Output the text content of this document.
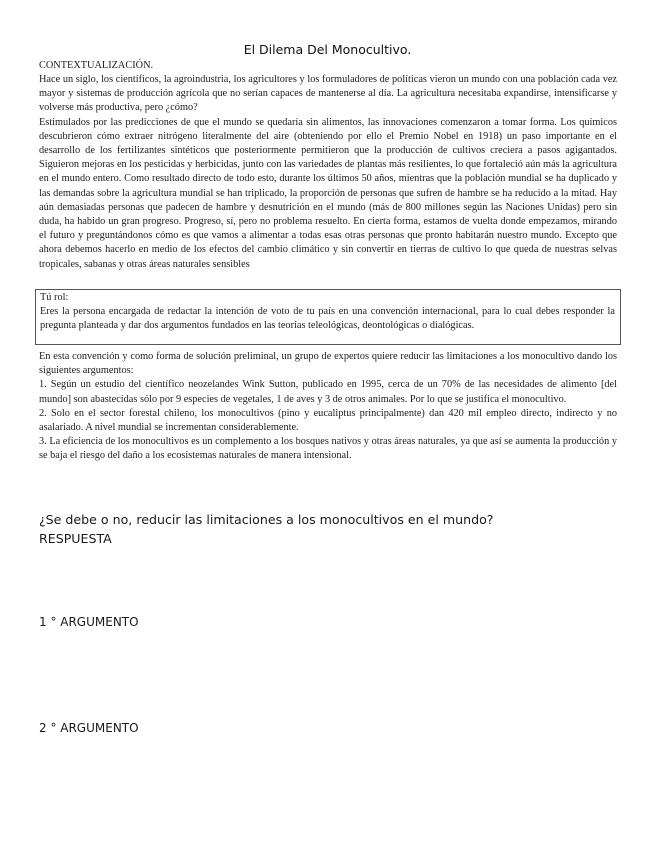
El Dilema Del Monocultivo.
CONTEXTUALIZACIÓN.

Hace un siglo, los científicos, la agroindustria, los agricultores y los formuladores de políticas vieron un mundo con una población cada vez mayor y sistemas de producción agrícola que no serían capaces de mantenerse al día. La agricultura necesitaba expandirse, intensificarse y volverse más productiva, pero ¿cómo?

Estimulados por las predicciones de que el mundo se quedaría sin alimentos, las innovaciones comenzaron a tomar forma. Los químicos descubrieron cómo extraer nitrógeno literalmente del aire (obteniendo por ello el Premio Nobel en 1918) un paso importante en el desarrollo de los fertilizantes sintéticos que posteriormente permitieron que la producción de cultivos creciera a pasos agigantados. Siguieron mejoras en los pesticidas y herbicidas, junto con las variedades de plantas más resilientes, lo que fortaleció aún más la agricultura en el mundo entero. Como resultado directo de todo esto, durante los últimos 50 años, mientras que la población mundial se ha duplicado y las demandas sobre la agricultura mundial se han triplicado, la proporción de personas que sufren de hambre se ha reducido a la mitad. Hay aún demasiadas personas que padecen de hambre y desnutrición en el mundo (más de 800 millones según las Naciones Unidas) pero sin duda, ha habido un gran progreso. Progreso, sí, pero no problema resuelto. En cierta forma, estamos de vuelta donde empezamos, mirando el futuro y preguntándonos cómo es que vamos a alimentar a todas esas otras personas que pronto habitarán nuestro mundo. Excepto que ahora debemos hacerlo en medio de los efectos del cambio climático y sin convertir en tierras de cultivo lo que queda de nuestras selvas tropicales, sabanas y otras áreas naturales sensibles

Tú rol:

Eres la persona encargada de redactar la intención de voto de tu país en una convención internacional, para lo cual debes responder la pregunta planteada y dar dos argumentos fundados en las teorías teleológicas, deontológicas o dialógicas.

En esta convención y como forma de solución preliminal, un grupo de expertos quiere reducir las limitaciones a los monocultivo dando los siguientes argumentos:

1. Según un estudio del científico neozelandes Wink Sutton, publicado en 1995, cerca de un 70% de las necesidades de alimento [del mundo] son abastecidas sólo por 9 especies de vegetales, 1 de aves y 3 de otros animales. Por lo que se justifica el monocultivo.

2. Solo en el sector forestal chileno, los monocultivos (pino y eucaliptus principalmente) dan 420 mil empleo directo, indirecto y no asalariado. A nivel mundial se incrementan considerablemente.

3. La eficiencia de los monocultivos es un complemento a los bosques nativos y otras áreas naturales, ya que así se aumenta la producción y se baja el riesgo del daño a los ecosistemas naturales de manera intensional.

¿Se debe o no, reducir las limitaciones a los monocultivos en el mundo?
RESPUESTA
1 ° ARGUMENTO
2 ° ARGUMENTO
